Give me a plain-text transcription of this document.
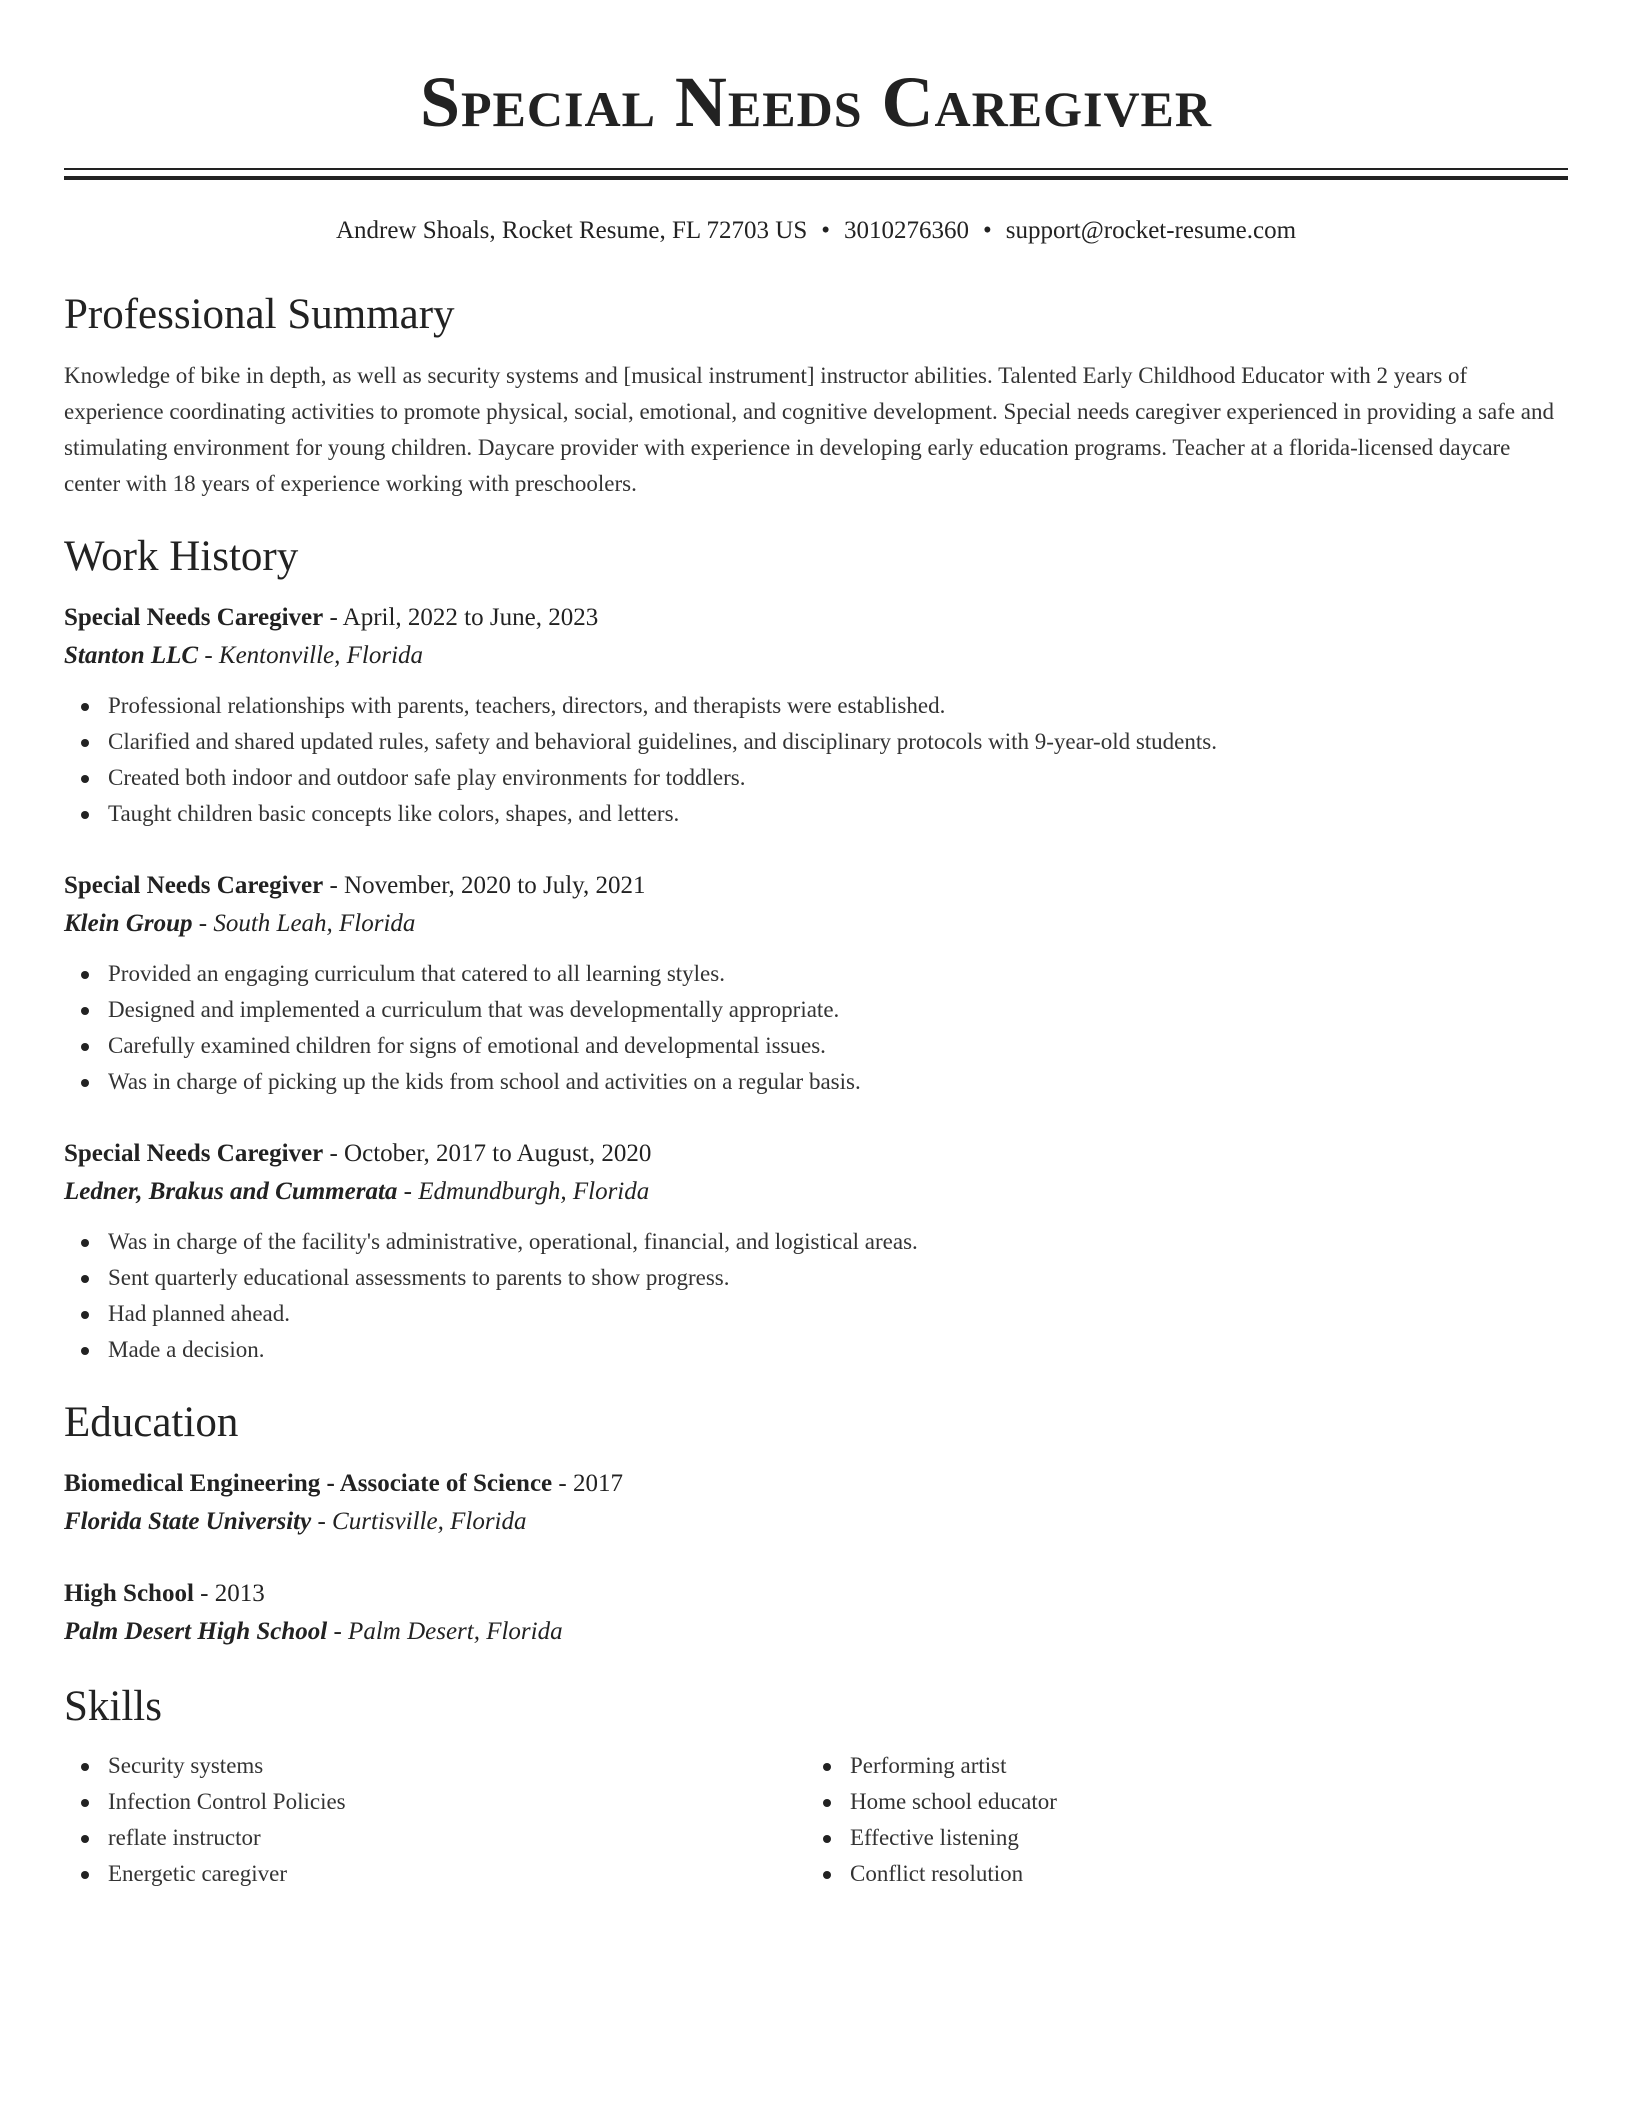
Special Needs Caregiver
Andrew Shoals, Rocket Resume, FL 72703 US • 3010276360 • support@rocket-resume.com
Professional Summary

Knowledge of bike in depth, as well as security systems and [musical instrument] instructor abilities. Talented Early Childhood Educator with 2 years of experience coordinating activities to promote physical, social, emotional, and cognitive development. Special needs caregiver experienced in providing a safe and stimulating environment for young children. Daycare provider with experience in developing early education programs. Teacher at a florida-licensed daycare center with 18 years of experience working with preschoolers.

Work History
Special Needs Caregiver - April, 2022 to June, 2023
Stanton LLC - Kentonville, Florida
Professional relationships with parents, teachers, directors, and therapists were established.
Clarified and shared updated rules, safety and behavioral guidelines, and disciplinary protocols with 9-year-old students.
Created both indoor and outdoor safe play environments for toddlers.
Taught children basic concepts like colors, shapes, and letters.
Special Needs Caregiver - November, 2020 to July, 2021
Klein Group - South Leah, Florida
Provided an engaging curriculum that catered to all learning styles.
Designed and implemented a curriculum that was developmentally appropriate.
Carefully examined children for signs of emotional and developmental issues.
Was in charge of picking up the kids from school and activities on a regular basis.
Special Needs Caregiver - October, 2017 to August, 2020
Ledner, Brakus and Cummerata - Edmundburgh, Florida
Was in charge of the facility's administrative, operational, financial, and logistical areas.
Sent quarterly educational assessments to parents to show progress.
Had planned ahead.
Made a decision.
Education
Biomedical Engineering - Associate of Science - 2017
Florida State University - Curtisville, Florida
High School - 2013
Palm Desert High School - Palm Desert, Florida
Skills
Security systems
Infection Control Policies
reflate instructor
Energetic caregiver
Performing artist
Home school educator
Effective listening
Conflict resolution
